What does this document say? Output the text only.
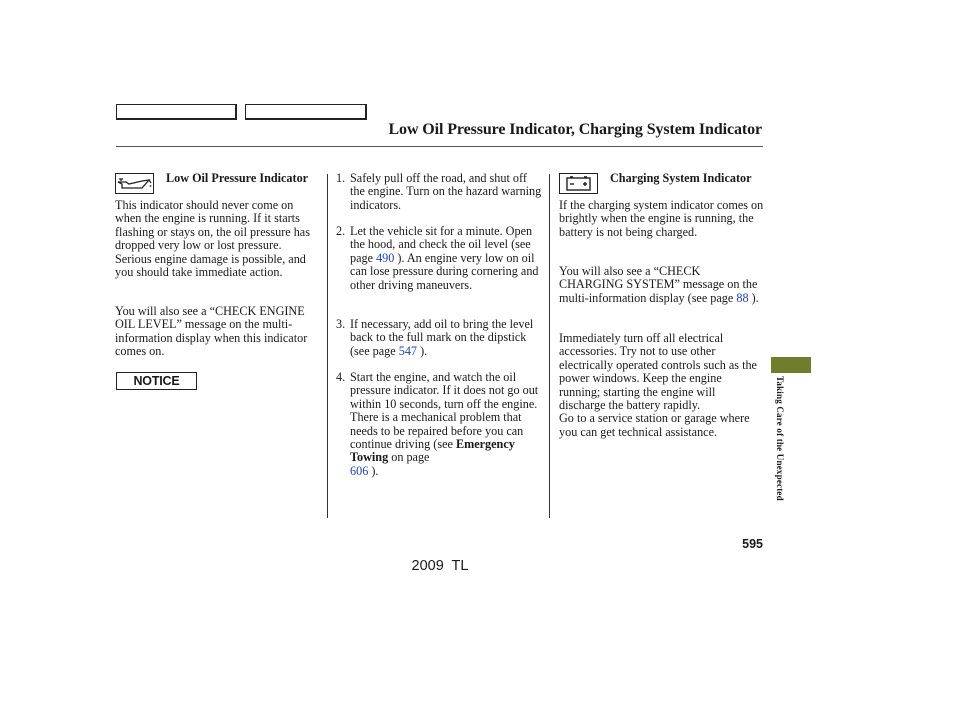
Low Oil Pressure Indicator, Charging System Indicator
Low Oil Pressure Indicator

This indicator should never come on when the engine is running. If it starts flashing or stays on, the oil pressure has dropped very low or lost pressure. Serious engine damage is possible, and you should take immediate action.

You will also see a “CHECK ENGINE OIL LEVEL” message on the multi-information display when this indicator comes on.

NOTICE
1. Safely pull off the road, and shut off the engine. Turn on the hazard warning indicators.
2. Let the vehicle sit for a minute. Open the hood, and check the oil level (see page 490 ). An engine very low on oil can lose pressure during cornering and other driving maneuvers.
3. If necessary, add oil to bring the level back to the full mark on the dipstick (see page 547 ).
4. Start the engine, and watch the oil pressure indicator. If it does not go out within 10 seconds, turn off the engine. There is a mechanical problem that needs to be repaired before you can continue driving (see Emergency Towing on page
606 ).
Charging System Indicator

If the charging system indicator comes on brightly when the engine is running, the battery is not being charged.

You will also see a “CHECK CHARGING SYSTEM” message on the multi-information display (see page 88 ).

Immediately turn off all electrical accessories. Try not to use other electrically operated controls such as the power windows. Keep the engine running; starting the engine will discharge the battery rapidly.
Go to a service station or garage where you can get technical assistance.	Taking Care of the Unexpected
595
2009 TL
